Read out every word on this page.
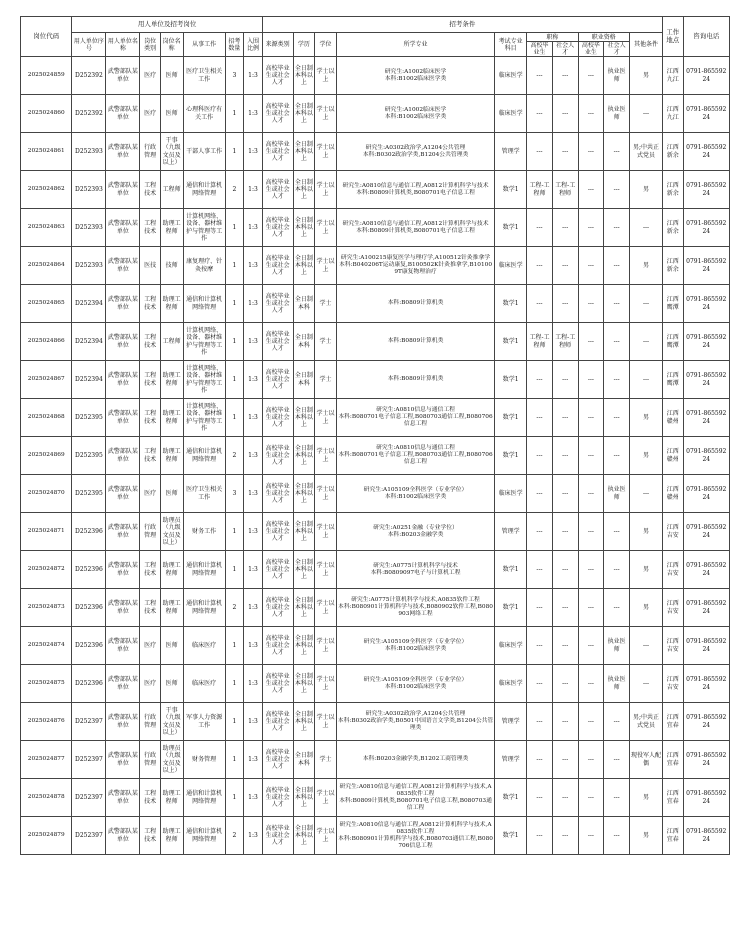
岗位代码	用人单位及招考岗位							招考条件										工作地点	咨询电话
	用人单位序号	用人单位名称	岗位类别	岗位名称	从事工作	招考数量	入围比例	来源类别	学历	学位	所学专业	考试专业科目	职称		职业资格		其他条件		
													高校毕业生	社会人才	高校毕业生	社会人才			
2025024859	D252392	武警部队某单位	医疗	医师	医疗卫生相关工作	3	1:3	高校毕业生或社会人才	全日制本科以上	学士以上	研究生:A1002临床医学
本科:B1002临床医学类	临床医学	---	---	---	执业医师	男	江西九江	0791-86559224
2025024860	D252392	武警部队某单位	医疗	医师	心理科医疗有关工作	1	1:3	高校毕业生或社会人才	全日制本科以上	学士以上	研究生:A1002临床医学
本科:B1002临床医学类	临床医学	---	---	---	执业医师	---	江西九江	0791-86559224
2025024861	D252393	武警部队某单位	行政管理	干事（九级文员及以上）	干部人事工作	1	1:3	高校毕业生或社会人才	全日制本科以上	学士以上	研究生:A0302政治学,A1204公共管理
本科:B0302政治学类,B1204公共管理类	管理学	---	---	---	---	男;中共正式党员	江西新余	0791-86559224
2025024862	D252393	武警部队某单位	工程技术	工程师	通信和计算机网络管理	2	1:3	高校毕业生或社会人才	全日制本科以上	学士以上	研究生:A0810信息与通信工程,A0812计算机科学与技术
本科:B0809计算机类,B080701电子信息工程	数学1	工程-工程师	工程-工程师	---	---	男	江西新余	0791-86559224
2025024863	D252393	武警部队某单位	工程技术	助理工程师	计算机网络、设备、器材维护与管理等工作	1	1:3	高校毕业生或社会人才	全日制本科以上	学士以上	研究生:A0810信息与通信工程,A0812计算机科学与技术
本科:B0809计算机类,B080701电子信息工程	数学1	---	---	---	---	---	江西新余	0791-86559224
2025024864	D252393	武警部队某单位	医技	技师	康复理疗、针灸按摩	1	1:3	高校毕业生或社会人才	全日制本科以上	学士以上	研究生:A100215康复医学与理疗学,A100512针灸推拿学
本科:B040206T运动康复,B100502K针灸推拿学,B101009T康复物理治疗	临床医学	---	---	---	---	男	江西新余	0791-86559224
2025024865	D252394	武警部队某单位	工程技术	助理工程师	通信和计算机网络管理	1	1:3	高校毕业生或社会人才	全日制本科	学士	本科:B0809计算机类	数学1	---	---	---	---	---	江西鹰潭	0791-86559224
2025024866	D252394	武警部队某单位	工程技术	工程师	计算机网络、设备、器材维护与管理等工作	1	1:3	高校毕业生或社会人才	全日制本科	学士	本科:B0809计算机类	数学1	工程-工程师	工程-工程师	---	---	---	江西鹰潭	0791-86559224
2025024867	D252394	武警部队某单位	工程技术	助理工程师	计算机网络、设备、器材维护与管理等工作	1	1:3	高校毕业生或社会人才	全日制本科	学士	本科:B0809计算机类	数学1	---	---	---	---	---	江西鹰潭	0791-86559224
2025024868	D252395	武警部队某单位	工程技术	助理工程师	计算机网络、设备、器材维护与管理等工作	1	1:3	高校毕业生或社会人才	全日制本科以上	学士以上	研究生:A0810信息与通信工程
本科:B080701电子信息工程,B080703通信工程,B080706信息工程	数学1	---	---	---	---	男	江西赣州	0791-86559224
2025024869	D252395	武警部队某单位	工程技术	助理工程师	通信和计算机网络管理	2	1:3	高校毕业生或社会人才	全日制本科以上	学士以上	研究生:A0810信息与通信工程
本科:B080701电子信息工程,B080703通信工程,B080706信息工程	数学1	---	---	---	---	男	江西赣州	0791-86559224
2025024870	D252395	武警部队某单位	医疗	医师	医疗卫生相关工作	3	1:3	高校毕业生或社会人才	全日制本科以上	学士以上	研究生:A105109全科医学（专业学位）
本科:B1002临床医学类	临床医学	---	---	---	执业医师	---	江西赣州	0791-86559224
2025024871	D252396	武警部队某单位	行政管理	助理员（九级文员及以上）	财务工作	1	1:3	高校毕业生或社会人才	全日制本科以上	学士以上	研究生:A0251金融（专业学位）
本科:B0203金融学类	管理学	---	---	---	---	男	江西吉安	0791-86559224
2025024872	D252396	武警部队某单位	工程技术	助理工程师	通信和计算机网络管理	1	1:3	高校毕业生或社会人才	全日制本科以上	学士以上	研究生:A0775计算机科学与技术
本科:B0809097电子与计算机工程	数学1	---	---	---	---	男	江西吉安	0791-86559224
2025024873	D252396	武警部队某单位	工程技术	助理工程师	通信和计算机网络管理	2	1:3	高校毕业生或社会人才	全日制本科以上	学士以上	研究生:A0775计算机科学与技术,A0835软件工程
本科:B080901计算机科学与技术,B080902软件工程,B080903网络工程	数学1	---	---	---	---	男	江西吉安	0791-86559224
2025024874	D252396	武警部队某单位	医疗	医师	临床医疗	1	1:3	高校毕业生或社会人才	全日制本科以上	学士以上	研究生:A105109全科医学（专业学位）
本科:B1002临床医学类	临床医学	---	---	---	执业医师	---	江西吉安	0791-86559224
2025024875	D252396	武警部队某单位	医疗	医师	临床医疗	1	1:3	高校毕业生或社会人才	全日制本科以上	学士以上	研究生:A105109全科医学（专业学位）
本科:B1002临床医学类	临床医学	---	---	---	执业医师	---	江西吉安	0791-86559224
2025024876	D252397	武警部队某单位	行政管理	干事（九级文员及以上）	军事人力资源工作	1	1:3	高校毕业生或社会人才	全日制本科以上	学士以上	研究生:A0302政治学,A1204公共管理
本科:B0302政治学类,B0501中国语言文学类,B1204公共管理类	管理学	---	---	---	---	男;中共正式党员	江西宜春	0791-86559224
2025024877	D252397	武警部队某单位	行政管理	助理员（九级文员及以上）	财务管理	1	1:3	高校毕业生或社会人才	全日制本科	学士	本科:B0203金融学类,B1202工商管理类	管理学	---	---	---	---	现役军人配偶	江西宜春	0791-86559224
2025024878	D252397	武警部队某单位	工程技术	助理工程师	通信和计算机网络管理	1	1:3	高校毕业生或社会人才	全日制本科以上	学士以上	研究生:A0810信息与通信工程,A0812计算机科学与技术,A0835软件工程
本科:B0809计算机类,B080701电子信息工程,B080703通信工程	数学1	---	---	---	---	男	江西宜春	0791-86559224
2025024879	D252397	武警部队某单位	工程技术	助理工程师	通信和计算机网络管理	2	1:3	高校毕业生或社会人才	全日制本科以上	学士以上	研究生:A0810信息与通信工程,A0812计算机科学与技术,A0835软件工程
本科:B080901计算机科学与技术,B080703通信工程,B080706信息工程	数学1	---	---	---	---	男	江西宜春	0791-86559224
